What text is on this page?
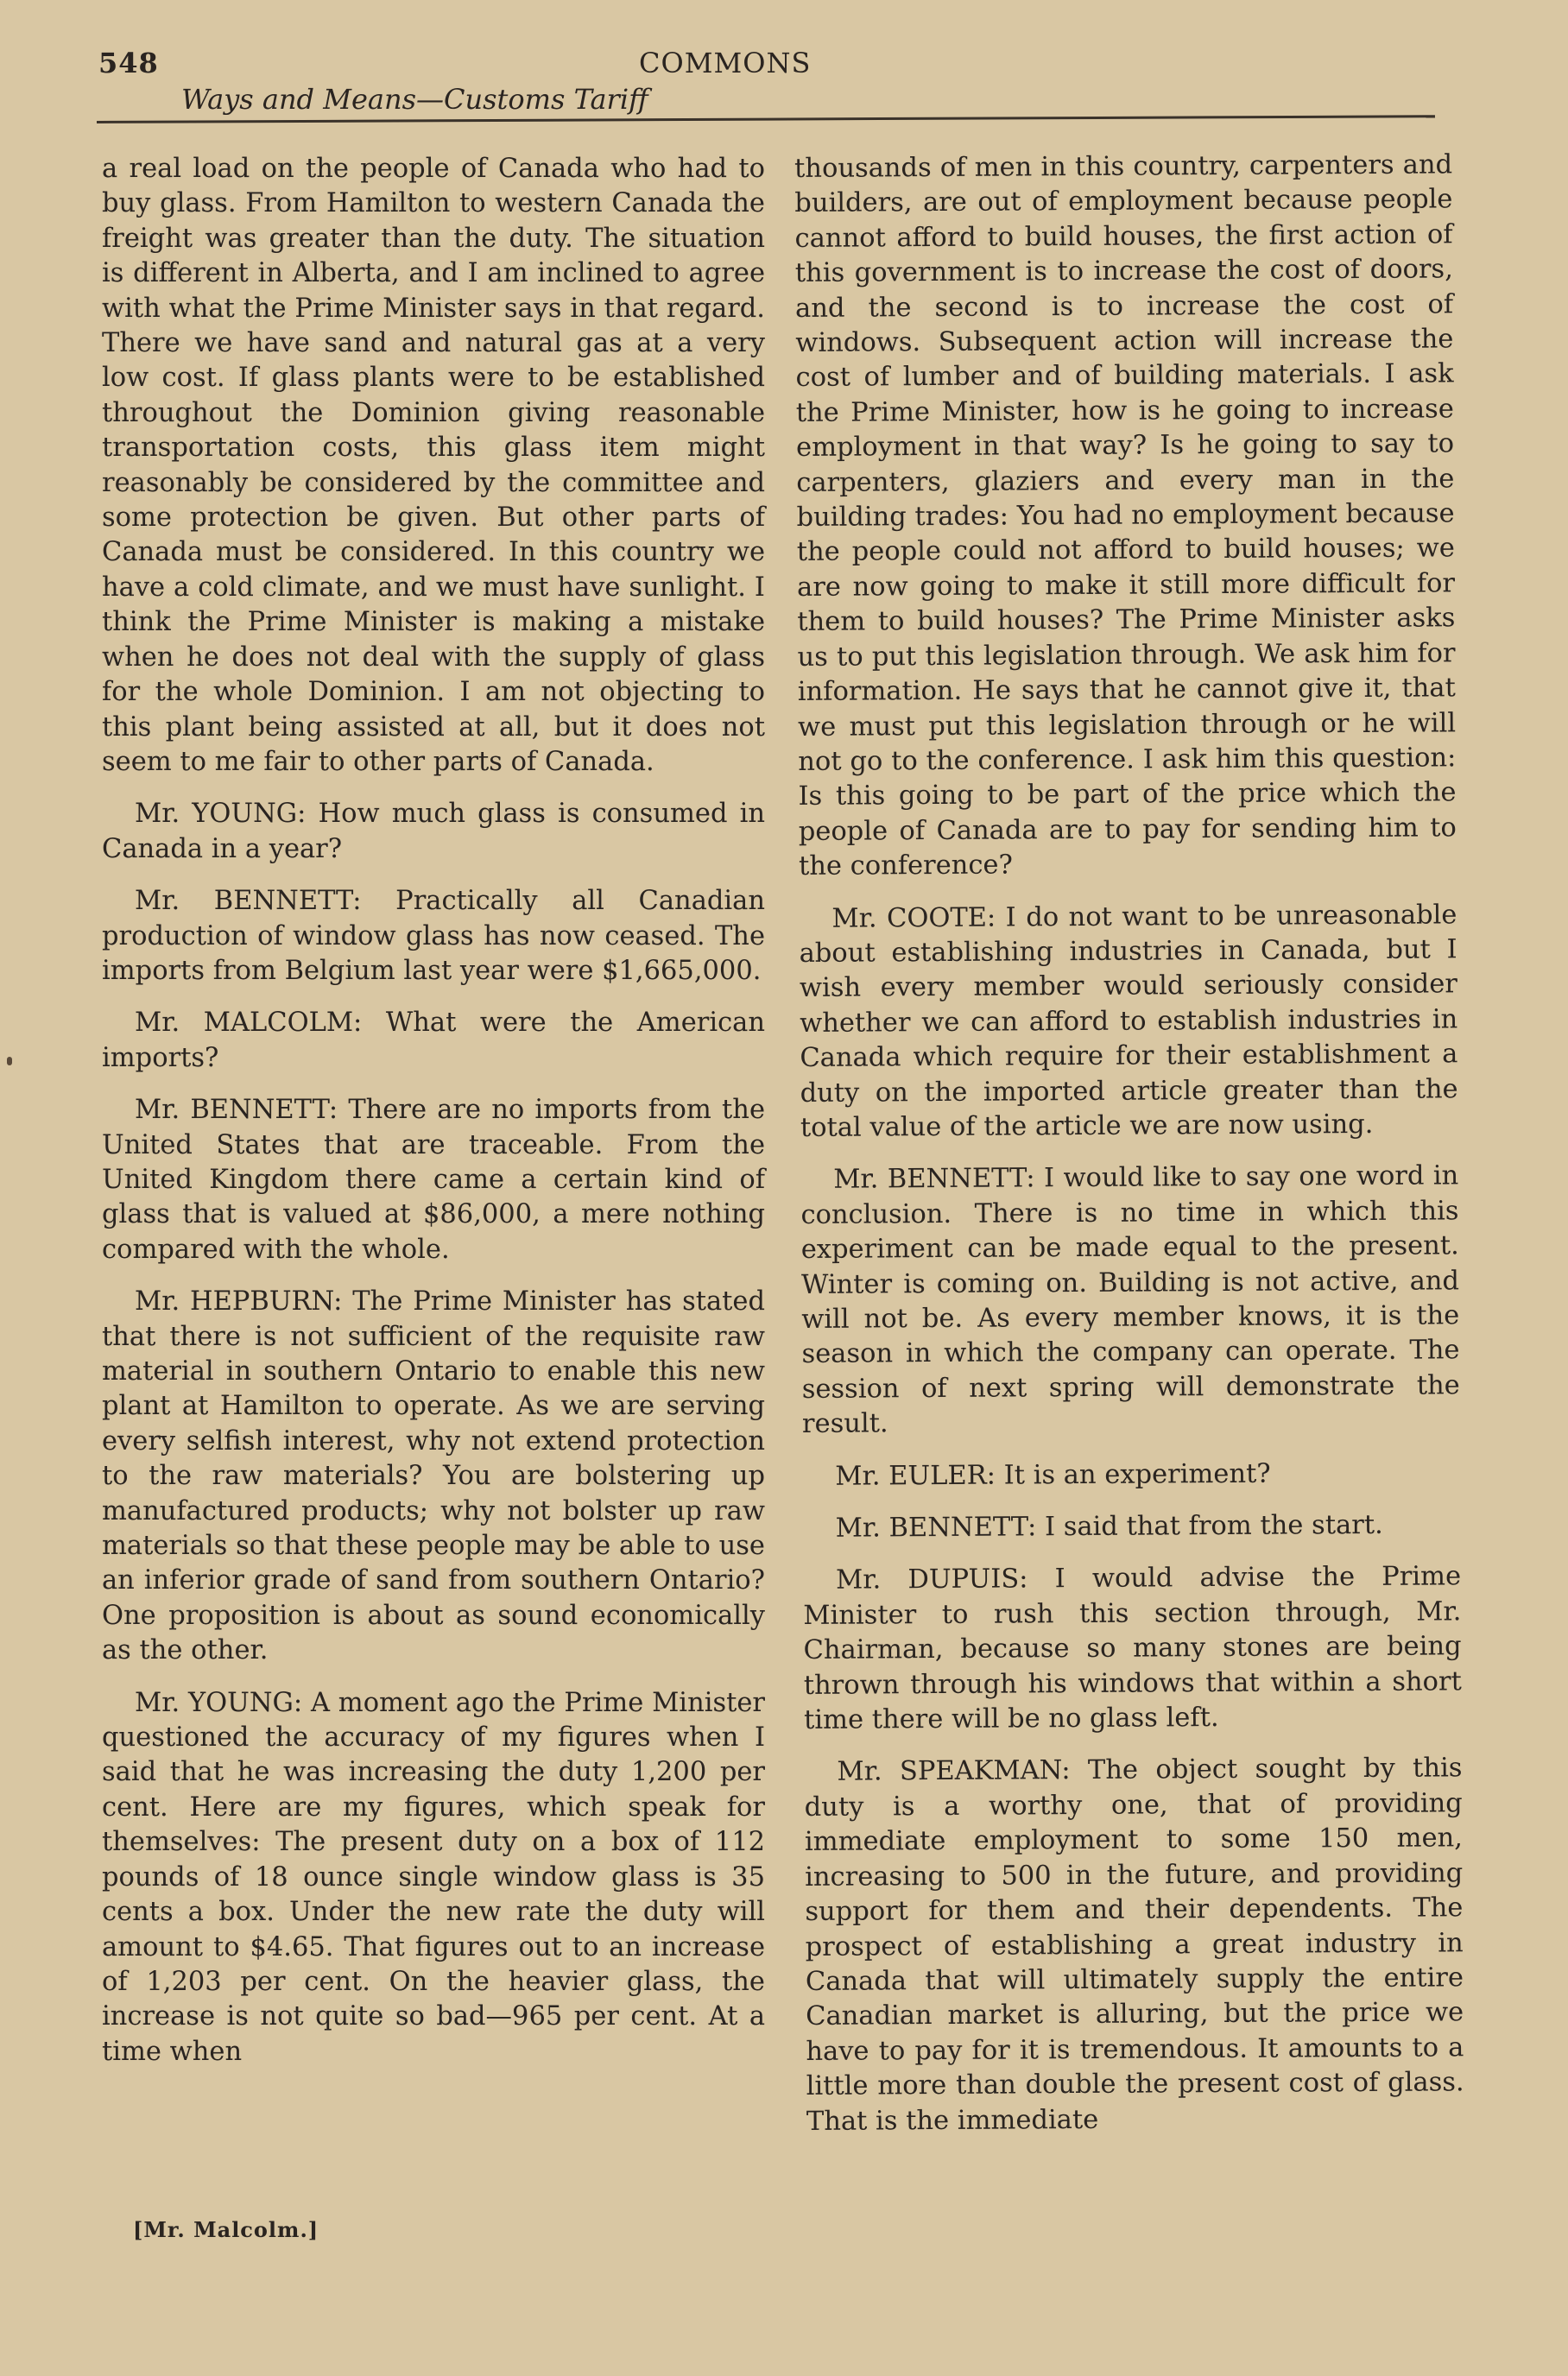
548	COMMONS
Ways and Means—Customs Tariff

a real load on the people of Canada who had to buy glass. From Hamilton to western Canada the freight was greater than the duty. The situation is different in Alberta, and I am inclined to agree with what the Prime Minister says in that regard. There we have sand and natural gas at a very low cost. If glass plants were to be established throughout the Dominion giving reasonable transportation costs, this glass item might reasonably be considered by the committee and some protection be given. But other parts of Canada must be considered. In this country we have a cold climate, and we must have sunlight. I think the Prime Minister is making a mistake when he does not deal with the supply of glass for the whole Dominion. I am not objecting to this plant being assisted at all, but it does not seem to me fair to other parts of Canada.

Mr. YOUNG: How much glass is consumed in Canada in a year?

Mr. BENNETT: Practically all Canadian production of window glass has now ceased. The imports from Belgium last year were $1,665,000.

Mr. MALCOLM: What were the American imports?

Mr. BENNETT: There are no imports from the United States that are traceable. From the United Kingdom there came a certain kind of glass that is valued at $86,000, a mere nothing compared with the whole.

Mr. HEPBURN: The Prime Minister has stated that there is not sufficient of the requisite raw material in southern Ontario to enable this new plant at Hamilton to operate. As we are serving every selfish interest, why not extend protection to the raw materials? You are bolstering up manufactured products; why not bolster up raw materials so that these people may be able to use an inferior grade of sand from southern Ontario? One proposition is about as sound economically as the other.

Mr. YOUNG: A moment ago the Prime Minister questioned the accuracy of my figures when I said that he was increasing the duty 1,200 per cent. Here are my figures, which speak for themselves: The present duty on a box of 112 pounds of 18 ounce single window glass is 35 cents a box. Under the new rate the duty will amount to $4.65. That figures out to an increase of 1,203 per cent. On the heavier glass, the increase is not quite so bad—965 per cent. At a time when

thousands of men in this country, carpenters and builders, are out of employment because people cannot afford to build houses, the first action of this government is to increase the cost of doors, and the second is to increase the cost of windows. Subsequent action will increase the cost of lumber and of building materials. I ask the Prime Minister, how is he going to increase employment in that way? Is he going to say to carpenters, glaziers and every man in the building trades: You had no employment because the people could not afford to build houses; we are now going to make it still more difficult for them to build houses? The Prime Minister asks us to put this legislation through. We ask him for information. He says that he cannot give it, that we must put this legislation through or he will not go to the conference. I ask him this question: Is this going to be part of the price which the people of Canada are to pay for sending him to the conference?

Mr. COOTE: I do not want to be unreasonable about establishing industries in Canada, but I wish every member would seriously consider whether we can afford to establish industries in Canada which require for their establishment a duty on the imported article greater than the total value of the article we are now using.

Mr. BENNETT: I would like to say one word in conclusion. There is no time in which this experiment can be made equal to the present. Winter is coming on. Building is not active, and will not be. As every member knows, it is the season in which the company can operate. The session of next spring will demonstrate the result.

Mr. EULER: It is an experiment?

Mr. BENNETT: I said that from the start.

Mr. DUPUIS: I would advise the Prime Minister to rush this section through, Mr. Chairman, because so many stones are being thrown through his windows that within a short time there will be no glass left.

Mr. SPEAKMAN: The object sought by this duty is a worthy one, that of providing immediate employment to some 150 men, increasing to 500 in the future, and providing support for them and their dependents. The prospect of establishing a great industry in Canada that will ultimately supply the entire Canadian market is alluring, but the price we have to pay for it is tremendous. It amounts to a little more than double the present cost of glass. That is the immediate

[Mr. Malcolm.]
